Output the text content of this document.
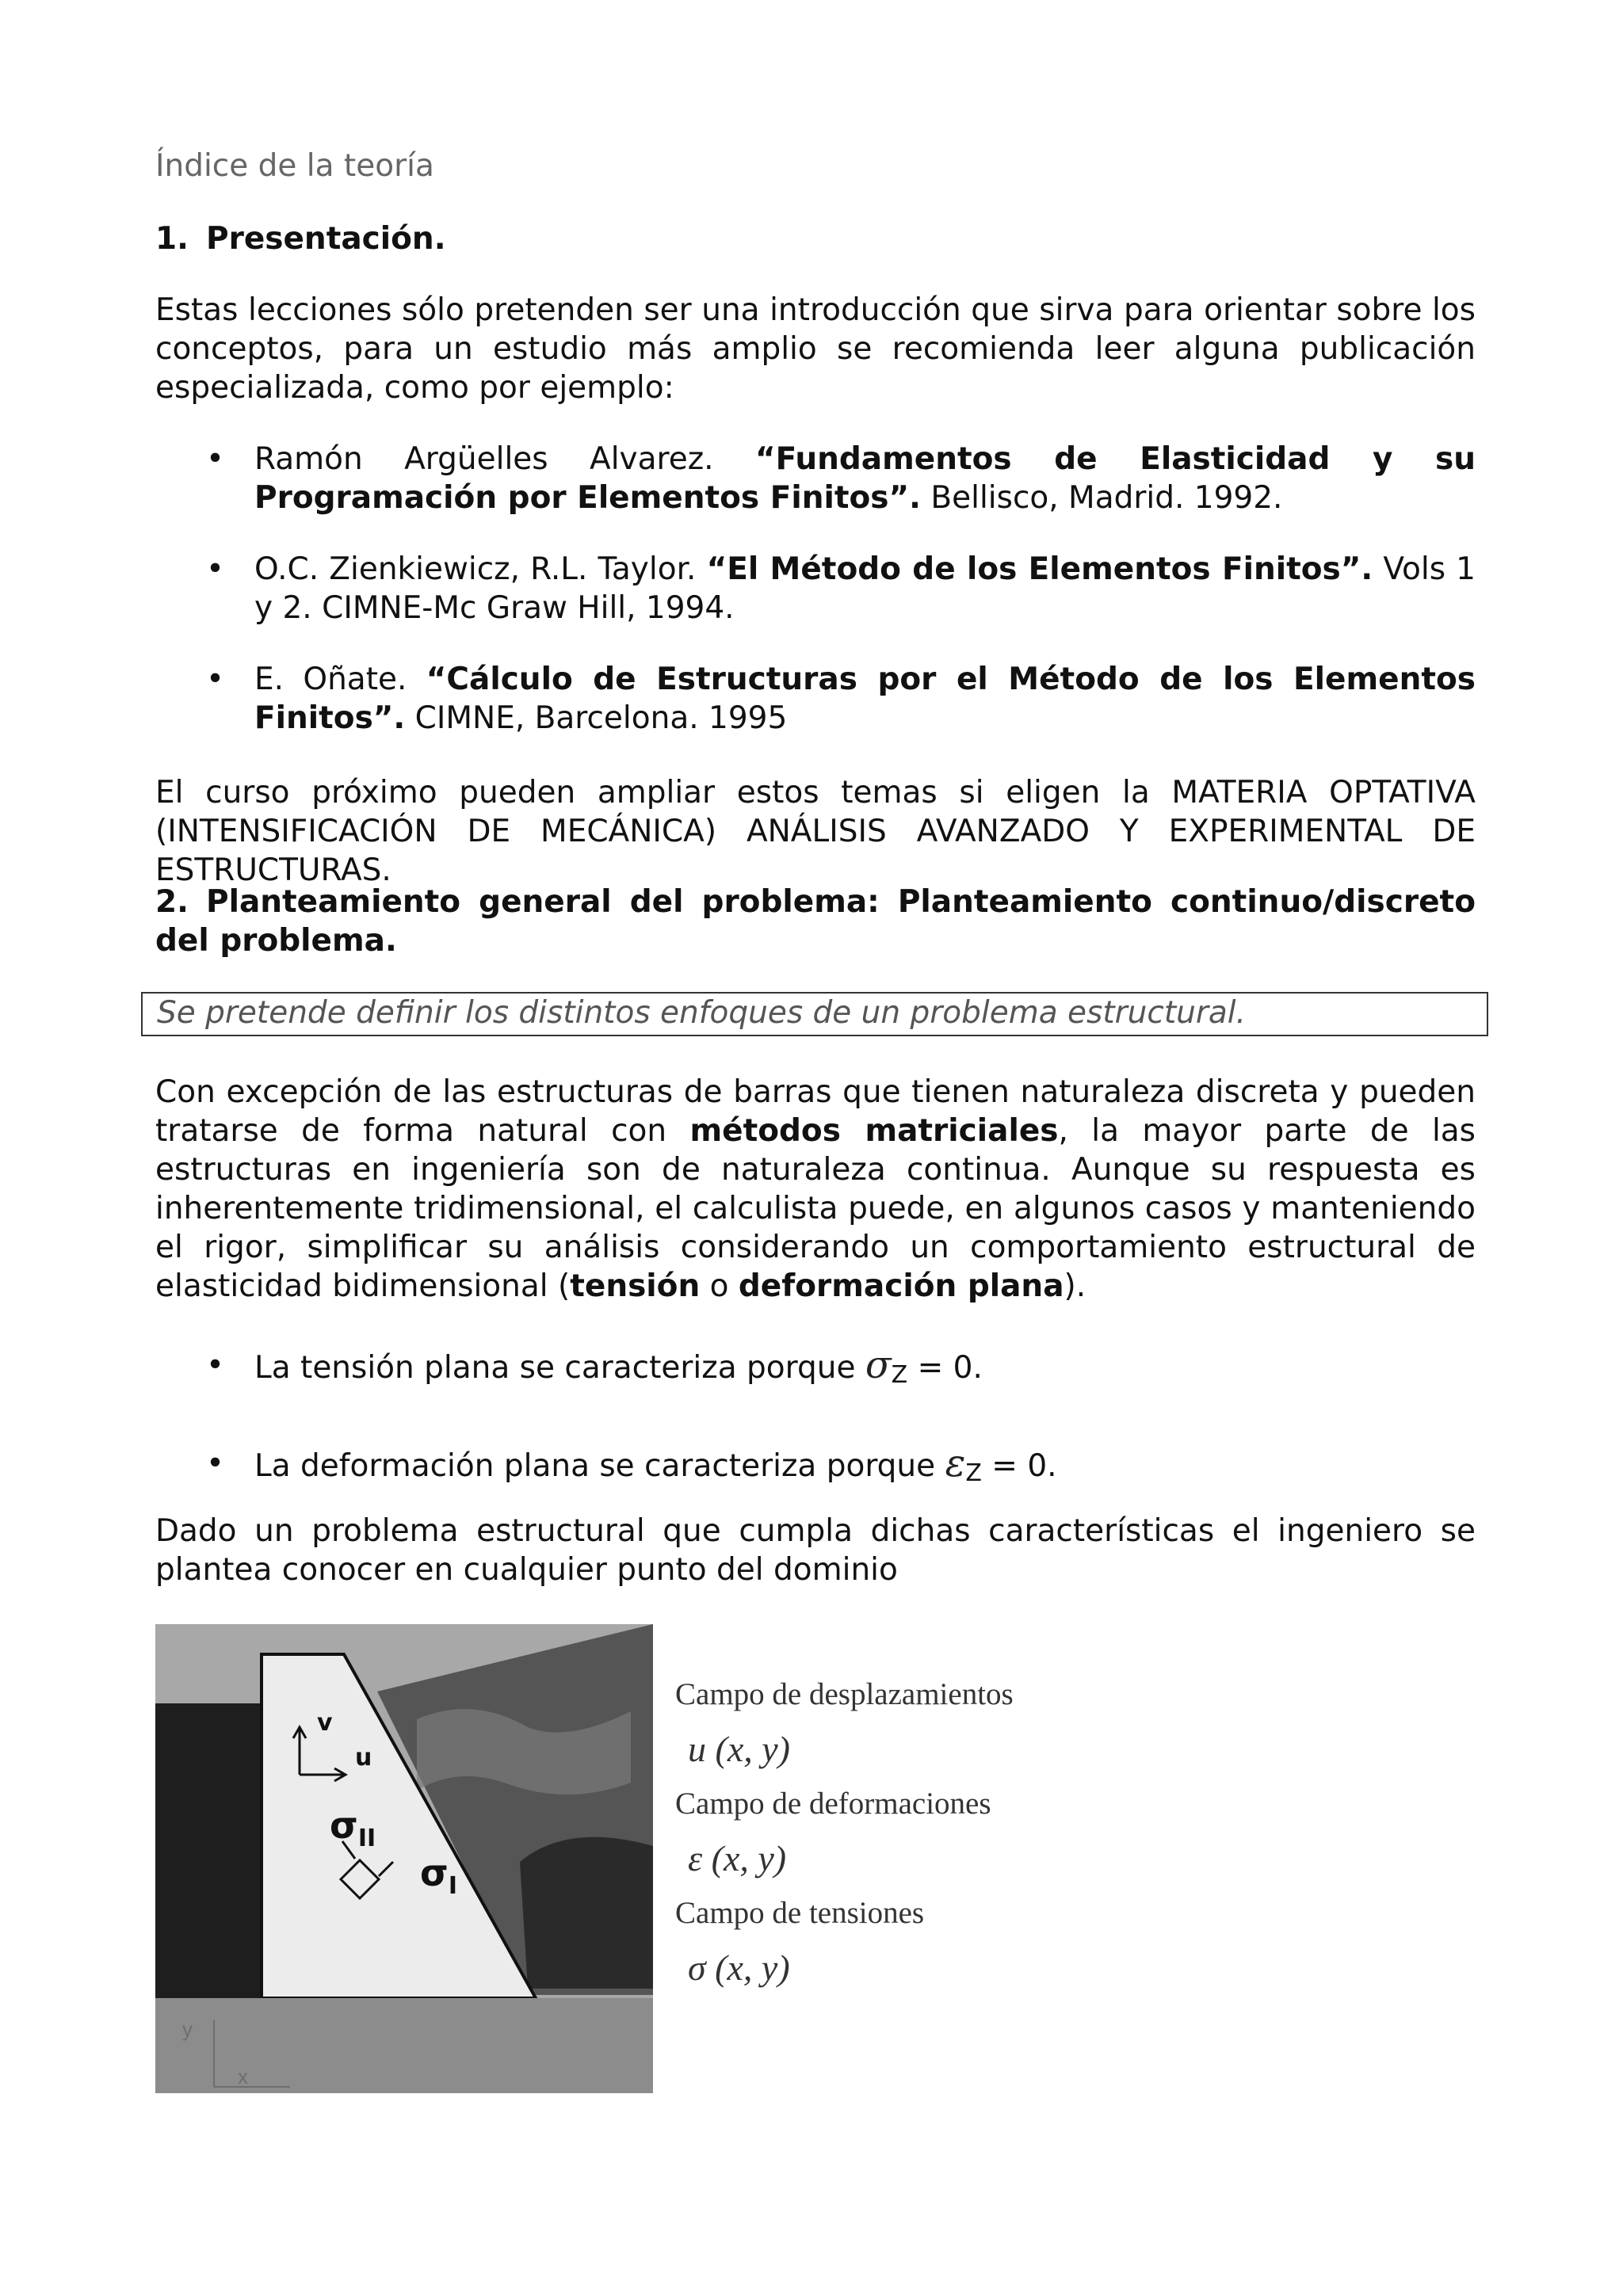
Índice de la teoría
1. Presentación.
Estas lecciones sólo pretenden ser una introducción que sirva para orientar sobre los conceptos, para un estudio más amplio se recomienda leer alguna publicación especializada, como por ejemplo:
• Ramón Argüelles Alvarez. “Fundamentos de Elasticidad y su Programación por Elementos Finitos”. Bellisco, Madrid. 1992.
• O.C. Zienkiewicz, R.L. Taylor. “El Método de los Elementos Finitos”. Vols 1 y 2. CIMNE-Mc Graw Hill, 1994.
• E. Oñate. “Cálculo de Estructuras por el Método de los Elementos Finitos”. CIMNE, Barcelona. 1995
El curso próximo pueden ampliar estos temas si eligen la MATERIA OPTATIVA (INTENSIFICACIÓN DE MECÁNICA) ANÁLISIS AVANZADO Y EXPERIMENTAL DE ESTRUCTURAS.
2. Planteamiento general del problema: Planteamiento continuo/discreto del problema.
Se pretende definir los distintos enfoques de un problema estructural.
Con excepción de las estructuras de barras que tienen naturaleza discreta y pueden tratarse de forma natural con métodos matriciales, la mayor parte de las estructuras en ingeniería son de naturaleza continua. Aunque su respuesta es inherentemente tridimensional, el calculista puede, en algunos casos y manteniendo el rigor, simplificar su análisis considerando un comportamiento estructural de elasticidad bidimensional (tensión o deformación plana).
• La tensión plana se caracteriza porque $\sigma_Z = 0$.
• La deformación plana se caracteriza porque $\varepsilon_Z = 0$.
Dado un problema estructural que cumpla dichas características el ingeniero se plantea conocer en cualquier punto del dominio
y
x
v
u
$\sigma_{II}$
$\sigma_I$
Campo de desplazamientos
u (x, y)
Campo de deformaciones
ε (x, y)
Campo de tensiones
σ (x, y)
